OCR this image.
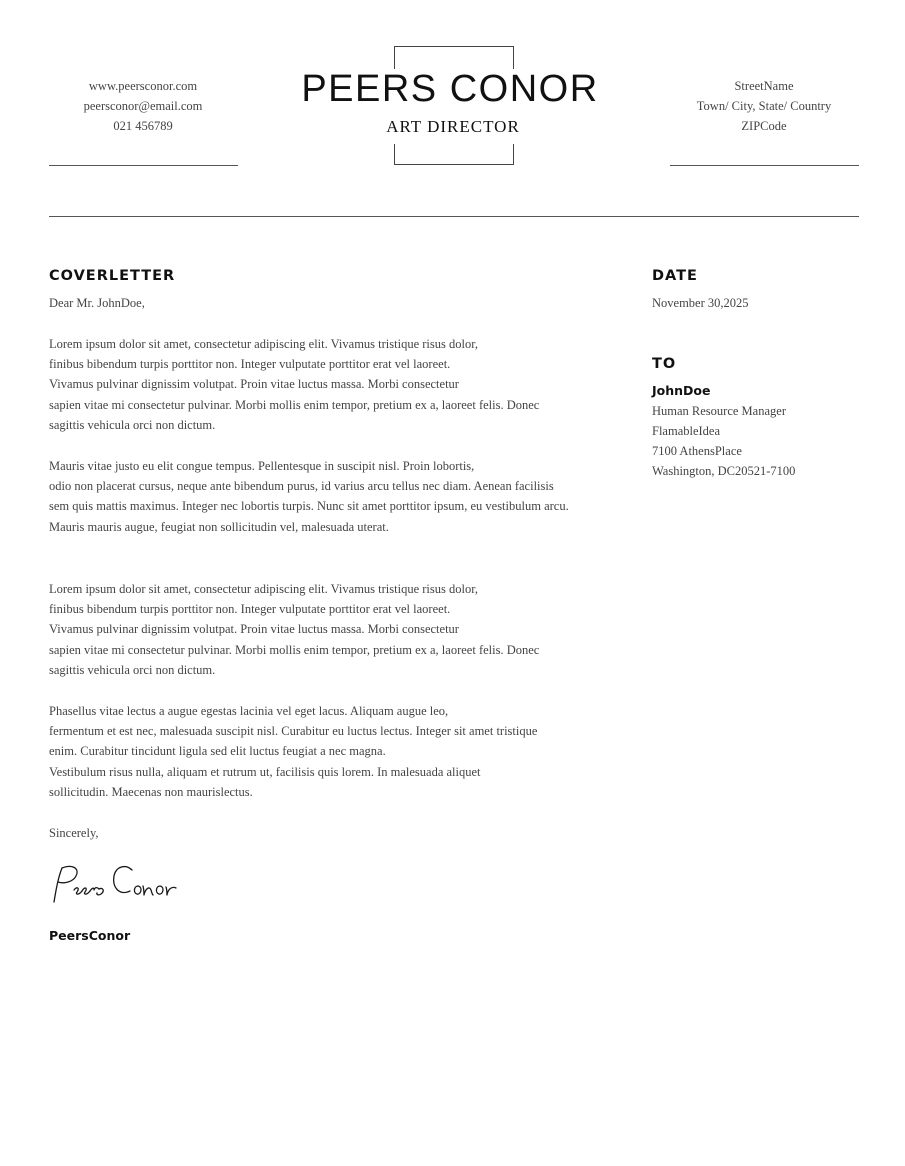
www.peersconor.com
peersconor@email.com
021 456789
PEERS CONOR
ART DIRECTOR
StreetName
Town/ City, State/ Country
ZIPCode
COVERLETTER
Dear Mr. JohnDoe,
Lorem ipsum dolor sit amet, consectetur adipiscing elit. Vivamus tristique risus dolor,
finibus bibendum turpis porttitor non. Integer vulputate porttitor erat vel laoreet.
Vivamus pulvinar dignissim volutpat. Proin vitae luctus massa. Morbi consectetur
sapien vitae mi consectetur pulvinar. Morbi mollis enim tempor, pretium ex a, laoreet felis. Donec
sagittis vehicula orci non dictum.
Mauris vitae justo eu elit congue tempus. Pellentesque in suscipit nisl. Proin lobortis,
odio non placerat cursus, neque ante bibendum purus, id varius arcu tellus nec diam. Aenean facilisis
sem quis mattis maximus. Integer nec lobortis turpis. Nunc sit amet porttitor ipsum, eu vestibulum arcu.
Mauris mauris augue, feugiat non sollicitudin vel, malesuada uterat.
Lorem ipsum dolor sit amet, consectetur adipiscing elit. Vivamus tristique risus dolor,
finibus bibendum turpis porttitor non. Integer vulputate porttitor erat vel laoreet.
Vivamus pulvinar dignissim volutpat. Proin vitae luctus massa. Morbi consectetur
sapien vitae mi consectetur pulvinar. Morbi mollis enim tempor, pretium ex a, laoreet felis. Donec
sagittis vehicula orci non dictum.
Phasellus vitae lectus a augue egestas lacinia vel eget lacus. Aliquam augue leo,
fermentum et est nec, malesuada suscipit nisl. Curabitur eu luctus lectus. Integer sit amet tristique
enim. Curabitur tincidunt ligula sed elit luctus feugiat a nec magna.
Vestibulum risus nulla, aliquam et rutrum ut, facilisis quis lorem. In malesuada aliquet
sollicitudin. Maecenas non maurislectus.
Sincerely,
PeersConor
DATE
November 30,2025
TO
JohnDoe
Human Resource Manager
FlamableIdea
7100 AthensPlace
Washington, DC20521-7100
